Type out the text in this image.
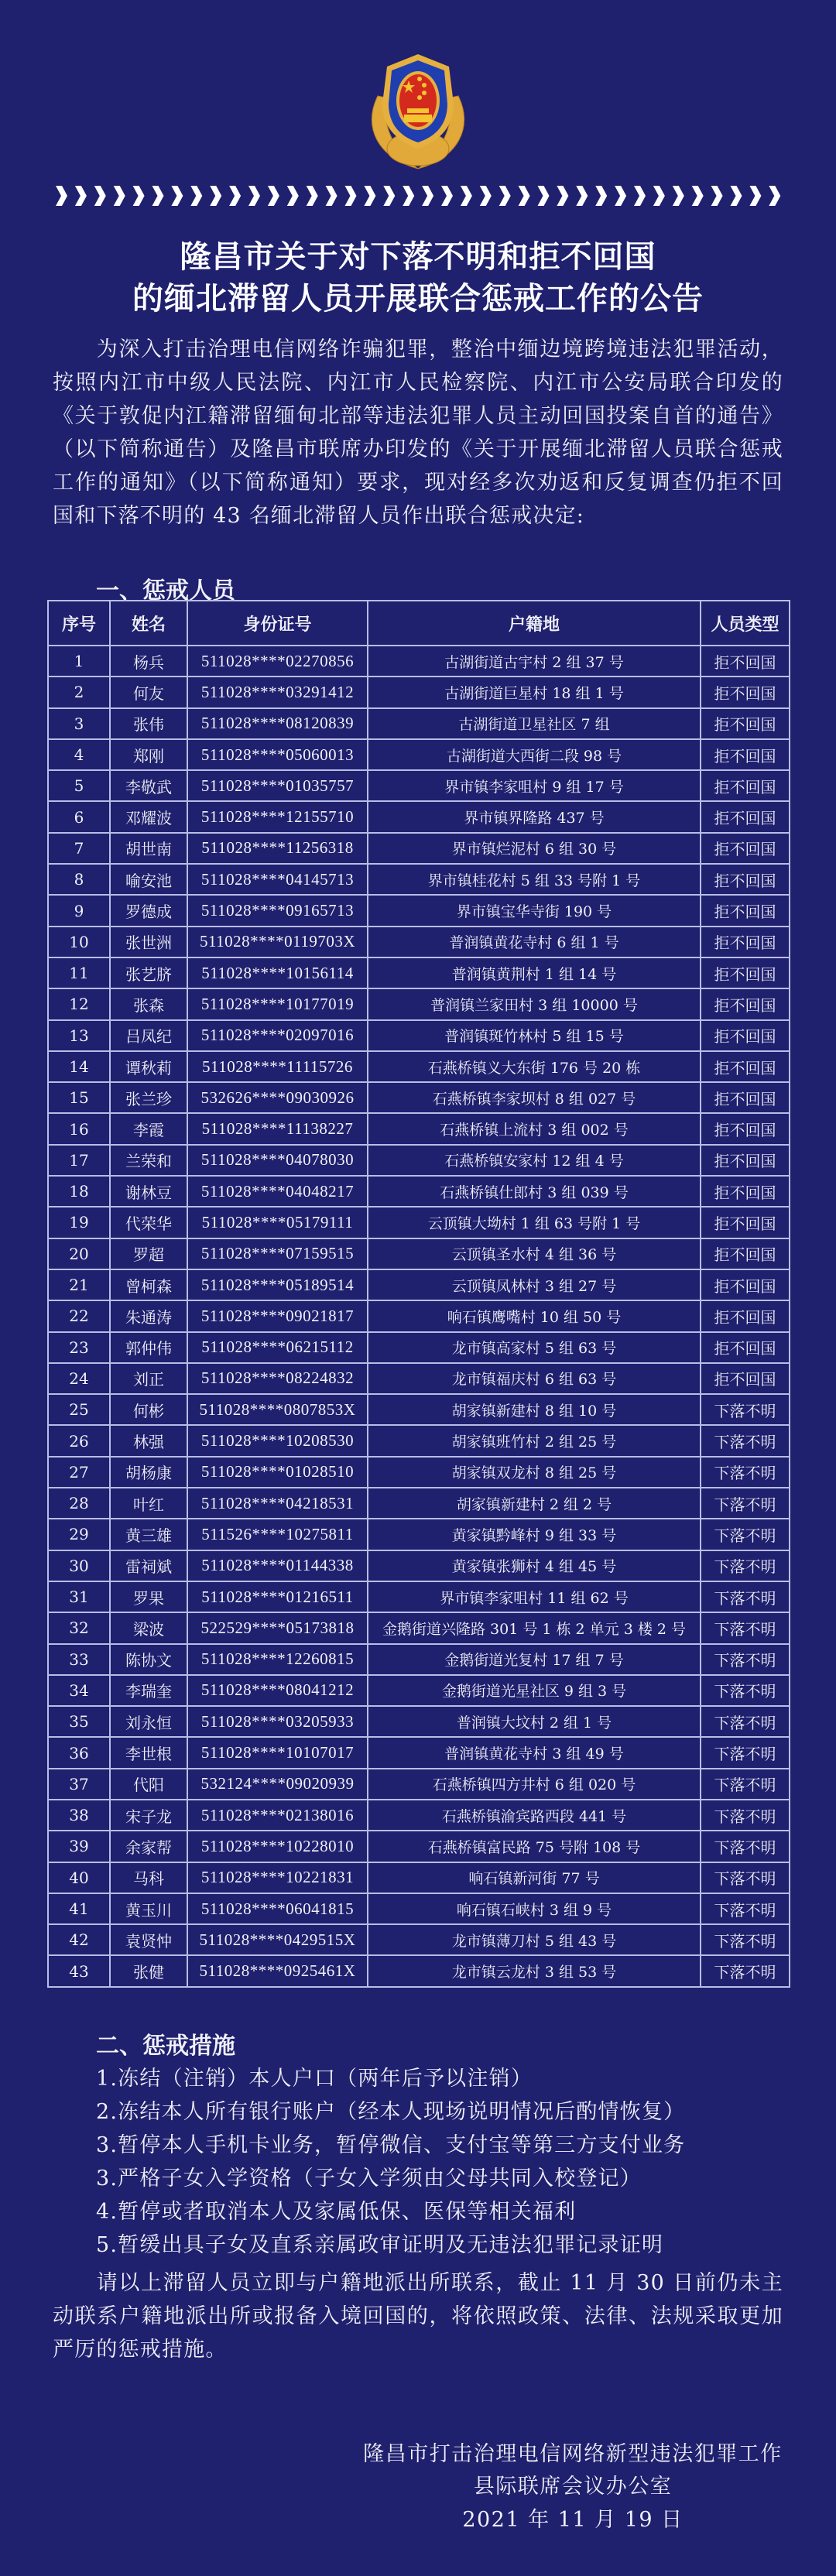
隆昌市关于对下落不明和拒不回国
的缅北滞留人员开展联合惩戒工作的公告
为深入打击治理电信网络诈骗犯罪，整治中缅边境跨境违法犯罪活动，按照内江市中级人民法院、内江市人民检察院、内江市公安局联合印发的《关于敦促内江籍滞留缅甸北部等违法犯罪人员主动回国投案自首的通告》（以下简称通告）及隆昌市联席办印发的《关于开展缅北滞留人员联合惩戒工作的通知》（以下简称通知）要求，现对经多次劝返和反复调查仍拒不回国和下落不明的 43 名缅北滞留人员作出联合惩戒决定:
一、惩戒人员
序号	姓名	身份证号	户籍地	人员类型
1	杨兵	511028****02270856	古湖街道古宇村 2 组 37 号	拒不回国
2	何友	511028****03291412	古湖街道巨星村 18 组 1 号	拒不回国
3	张伟	511028****08120839	古湖街道卫星社区 7 组	拒不回国
4	郑刚	511028****05060013	古湖街道大西街二段 98 号	拒不回国
5	李敬武	511028****01035757	界市镇李家咀村 9 组 17 号	拒不回国
6	邓耀波	511028****12155710	界市镇界隆路 437 号	拒不回国
7	胡世南	511028****11256318	界市镇烂泥村 6 组 30 号	拒不回国
8	喻安池	511028****04145713	界市镇桂花村 5 组 33 号附 1 号	拒不回国
9	罗德成	511028****09165713	界市镇宝华寺街 190 号	拒不回国
10	张世洲	511028****0119703X	普润镇黄花寺村 6 组 1 号	拒不回国
11	张艺脐	511028****10156114	普润镇黄荆村 1 组 14 号	拒不回国
12	张森	511028****10177019	普润镇兰家田村 3 组 10000 号	拒不回国
13	吕凤纪	511028****02097016	普润镇斑竹林村 5 组 15 号	拒不回国
14	谭秋莉	511028****11115726	石燕桥镇义大东街 176 号 20 栋	拒不回国
15	张兰珍	532626****09030926	石燕桥镇李家坝村 8 组 027 号	拒不回国
16	李霞	511028****11138227	石燕桥镇上流村 3 组 002 号	拒不回国
17	兰荣和	511028****04078030	石燕桥镇安家村 12 组 4 号	拒不回国
18	谢林豆	511028****04048217	石燕桥镇仕郎村 3 组 039 号	拒不回国
19	代荣华	511028****05179111	云顶镇大坳村 1 组 63 号附 1 号	拒不回国
20	罗超	511028****07159515	云顶镇圣水村 4 组 36 号	拒不回国
21	曾柯森	511028****05189514	云顶镇凤林村 3 组 27 号	拒不回国
22	朱通涛	511028****09021817	响石镇鹰嘴村 10 组 50 号	拒不回国
23	郭仲伟	511028****06215112	龙市镇高家村 5 组 63 号	拒不回国
24	刘正	511028****08224832	龙市镇福庆村 6 组 63 号	拒不回国
25	何彬	511028****0807853X	胡家镇新建村 8 组 10 号	下落不明
26	林强	511028****10208530	胡家镇班竹村 2 组 25 号	下落不明
27	胡杨康	511028****01028510	胡家镇双龙村 8 组 25 号	下落不明
28	叶红	511028****04218531	胡家镇新建村 2 组 2 号	下落不明
29	黄三雄	511526****10275811	黄家镇黔峰村 9 组 33 号	下落不明
30	雷祠斌	511028****01144338	黄家镇张狮村 4 组 45 号	下落不明
31	罗果	511028****01216511	界市镇李家咀村 11 组 62 号	下落不明
32	梁波	522529****05173818	金鹅街道兴隆路 301 号 1 栋 2 单元 3 楼 2 号	下落不明
33	陈协文	511028****12260815	金鹅街道光复村 17 组 7 号	下落不明
34	李瑞奎	511028****08041212	金鹅街道光星社区 9 组 3 号	下落不明
35	刘永恒	511028****03205933	普润镇大坟村 2 组 1 号	下落不明
36	李世根	511028****10107017	普润镇黄花寺村 3 组 49 号	下落不明
37	代阳	532124****09020939	石燕桥镇四方井村 6 组 020 号	下落不明
38	宋子龙	511028****02138016	石燕桥镇渝宾路西段 441 号	下落不明
39	余家帮	511028****10228010	石燕桥镇富民路 75 号附 108 号	下落不明
40	马科	511028****10221831	响石镇新河街 77 号	下落不明
41	黄玉川	511028****06041815	响石镇石峡村 3 组 9 号	下落不明
42	袁贤忡	511028****0429515X	龙市镇薄刀村 5 组 43 号	下落不明
43	张健	511028****0925461X	龙市镇云龙村 3 组 53 号	下落不明
二、惩戒措施
1.冻结（注销）本人户口（两年后予以注销）
2.冻结本人所有银行账户（经本人现场说明情况后酌情恢复）
3.暂停本人手机卡业务，暂停微信、支付宝等第三方支付业务
3.严格子女入学资格（子女入学须由父母共同入校登记）
4.暂停或者取消本人及家属低保、医保等相关福利
5.暂缓出具子女及直系亲属政审证明及无违法犯罪记录证明
请以上滞留人员立即与户籍地派出所联系，截止 11 月 30 日前仍未主动联系户籍地派出所或报备入境回国的，将依照政策、法律、法规采取更加严厉的惩戒措施。
隆昌市打击治理电信网络新型违法犯罪工作
县际联席会议办公室
2021 年 11 月 19 日
